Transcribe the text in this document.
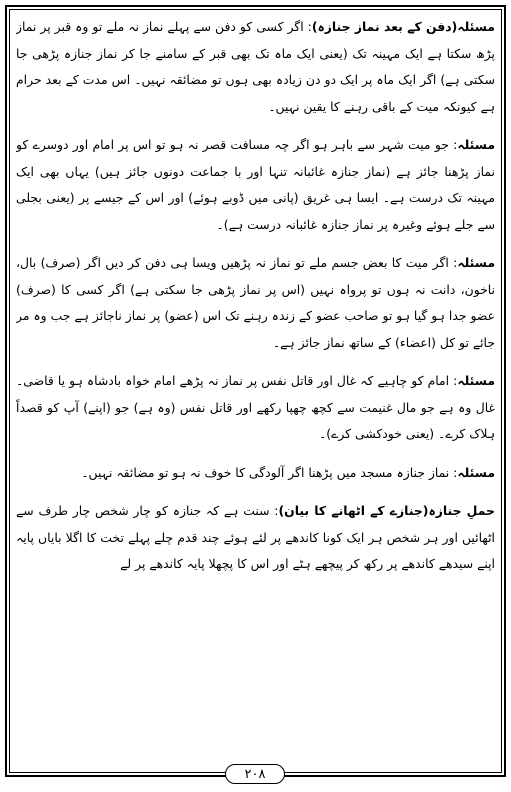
مسئلہ(دفن کے بعد نماز جنازہ): اگر کسی کو دفن سے پہلے نماز نہ ملے تو وہ قبر پر نماز پڑھ سکتا ہے ایک مہینہ تک (یعنی ایک ماہ تک بھی قبر کے سامنے جا کر نماز جنازہ پڑھی جا سکتی ہے) اگر ایک ماہ پر ایک دو دن زیادہ بھی ہوں تو مضائقہ نہیں۔ اس مدت کے بعد حرام ہے کیونکہ میت کے باقی رہنے کا یقین نہیں۔

مسئلہ: جو میت شہر سے باہر ہو اگر چہ مسافت قصر نہ ہو تو اس پر امام اور دوسرے کو نماز پڑھنا جائز ہے (نماز جنازہ غائبانہ تنہا اور با جماعت دونوں جائز ہیں) یہاں بھی ایک مہینہ تک درست ہے۔ ایسا ہی غریق (پانی میں ڈوبے ہوئے) اور اس کے جیسے پر (یعنی بجلی سے جلے ہوئے وغیرہ پر نماز جنازہ غائبانہ درست ہے)۔

مسئلہ: اگر میت کا بعض جسم ملے تو نماز نہ پڑھیں ویسا ہی دفن کر دیں اگر (صرف) بال، ناخون، دانت نہ ہوں تو پرواہ نہیں (اس پر نماز پڑھی جا سکتی ہے) اگر کسی کا (صرف) عضو جدا ہو گیا ہو تو صاحب عضو کے زندہ رہنے تک اس (عضو) پر نماز ناجائز ہے جب وہ مر جائے تو کل (اعضاء) کے ساتھ نماز جائز ہے۔

مسئلہ: امام کو چاہیے کہ غال اور قاتل نفس پر نماز نہ پڑھے امام خواہ بادشاہ ہو یا قاضی۔ غال وہ ہے جو مال غنیمت سے کچھ چھپا رکھے اور قاتل نفس (وہ ہے) جو (اپنے) آپ کو قصداً ہلاک کرے۔ (یعنی خودکشی کرے)۔

مسئلہ: نماز جنازہ مسجد میں پڑھنا اگر آلودگی کا خوف نہ ہو تو مضائقہ نہیں۔

حملِ جنازہ(جنازے کے اٹھانے کا بیان): سنت ہے کہ جنازہ کو چار شخص چار طرف سے اٹھائیں اور ہر شخص ہر ایک کونا کاندھے پر لئے ہوئے چند قدم چلے پہلے تخت کا اگلا بایاں پایہ اپنے سیدھے کاندھے پر رکھ کر پیچھے ہٹے اور اس کا پچھلا پایہ کاندھے پر لے

۲۰۸
